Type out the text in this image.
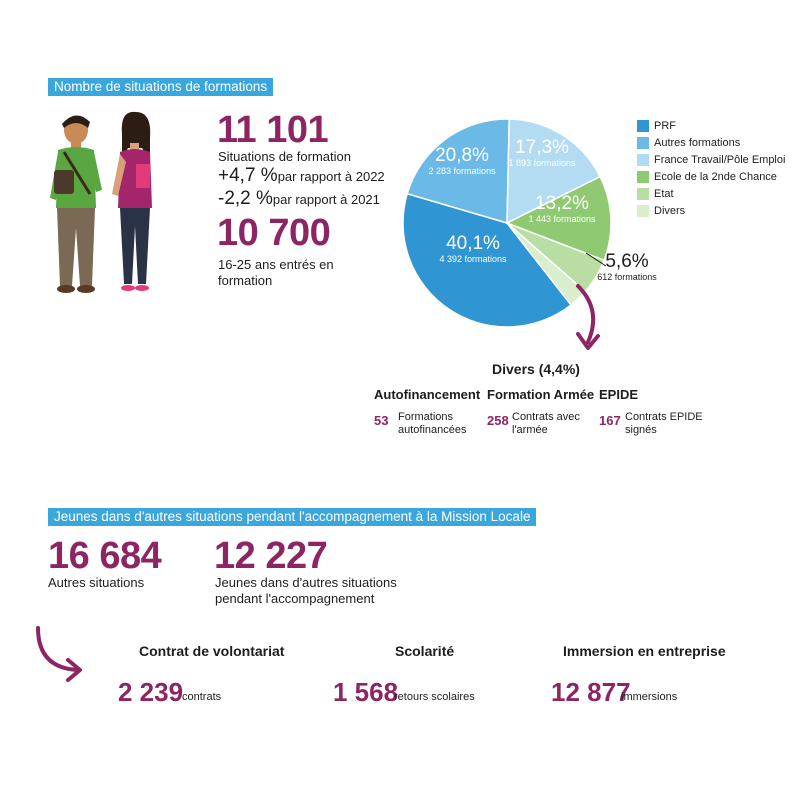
Nombre de situations de formations
11 101
Situations de formation
+4,7 %par rapport à 2022
-2,2 %par rapport à 2021
10 700
16-25 ans entrés en
formation
20,8%
2 283 formations
17,3%
1 893 formations
13,2%
1 443 formations
40,1%
4 392 formations	5,6%
612 formations
PRF
Autres formations
France Travail/Pôle Emploi
Ecole de la 2nde Chance
Etat
Divers
Divers (4,4%)
Autofinancement
53 Formations
autofinancées
Formation Armée
258 Contrats avec
l'armée
EPIDE
167 Contrats EPIDE
signés
Jeunes dans d'autres situations pendant l'accompagnement à la Mission Locale
16 684
Autres situations
12 227
Jeunes dans d'autres situations
pendant l'accompagnement
Contrat de volontariat
2 239
contrats
Scolarité
1 568
retours scolaires
Immersion en entreprise
12 877
immersions
